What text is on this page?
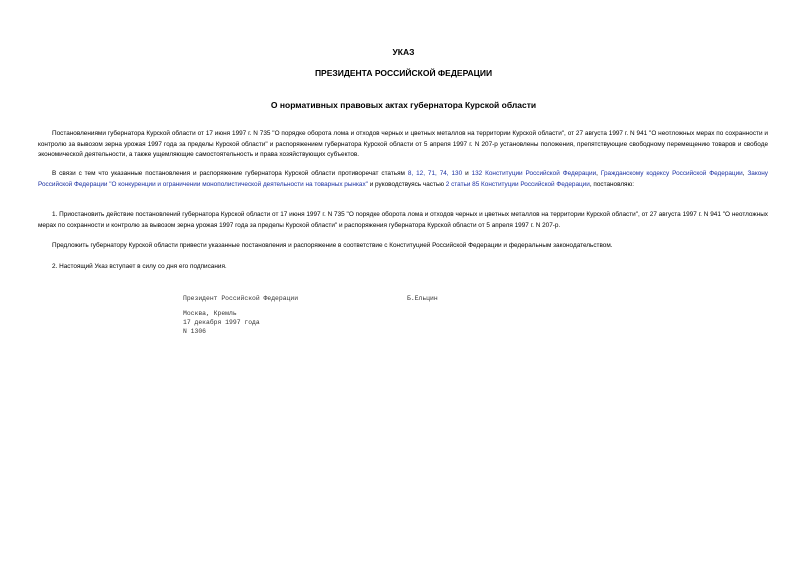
УКАЗ

ПРЕЗИДЕНТА РОССИЙСКОЙ ФЕДЕРАЦИИ

О нормативных правовых актах губернатора Курской области

Постановлениями губернатора Курской области от 17 июня 1997 г. N 735 "О порядке оборота лома и отходов черных и цветных металлов на территории Курской области", от 27 августа 1997 г. N 941 "О неотложных мерах по сохранности и контролю за вывозом зерна урожая 1997 года за пределы Курской области" и распоряжением губернатора Курской области от 5 апреля 1997 г. N 207-р установлены положения, препятствующие свободному перемещению товаров и свободе экономической деятельности, а также ущемляющие самостоятельность и права хозяйствующих субъектов.

В связи с тем что указанные постановления и распоряжение губернатора Курской области противоречат статьям 8, 12, 71, 74, 130 и 132 Конституции Российской Федерации, Гражданскому кодексу Российской Федерации, Закону Российской Федерации "О конкуренции и ограничении монополистической деятельности на товарных рынках" и руководствуясь частью 2 статьи 85 Конституции Российской Федерации, постановляю:

1. Приостановить действие постановлений губернатора Курской области от 17 июня 1997 г. N 735 "О порядке оборота лома и отходов черных и цветных металлов на территории Курской области", от 27 августа 1997 г. N 941 "О неотложных мерах по сохранности и контролю за вывозом зерна урожая 1997 года за пределы Курской области" и распоряжения губернатора Курской области от 5 апреля 1997 г. N 207-р.

Предложить губернатору Курской области привести указанные постановления и распоряжение в соответствие с Конституцией Российской Федерации и федеральным законодательством.

2. Настоящий Указ вступает в силу со дня его подписания.

Президент Российской Федерации	Б.Ельцин
Москва, Кремль
17 декабря 1997 года
N 1306
